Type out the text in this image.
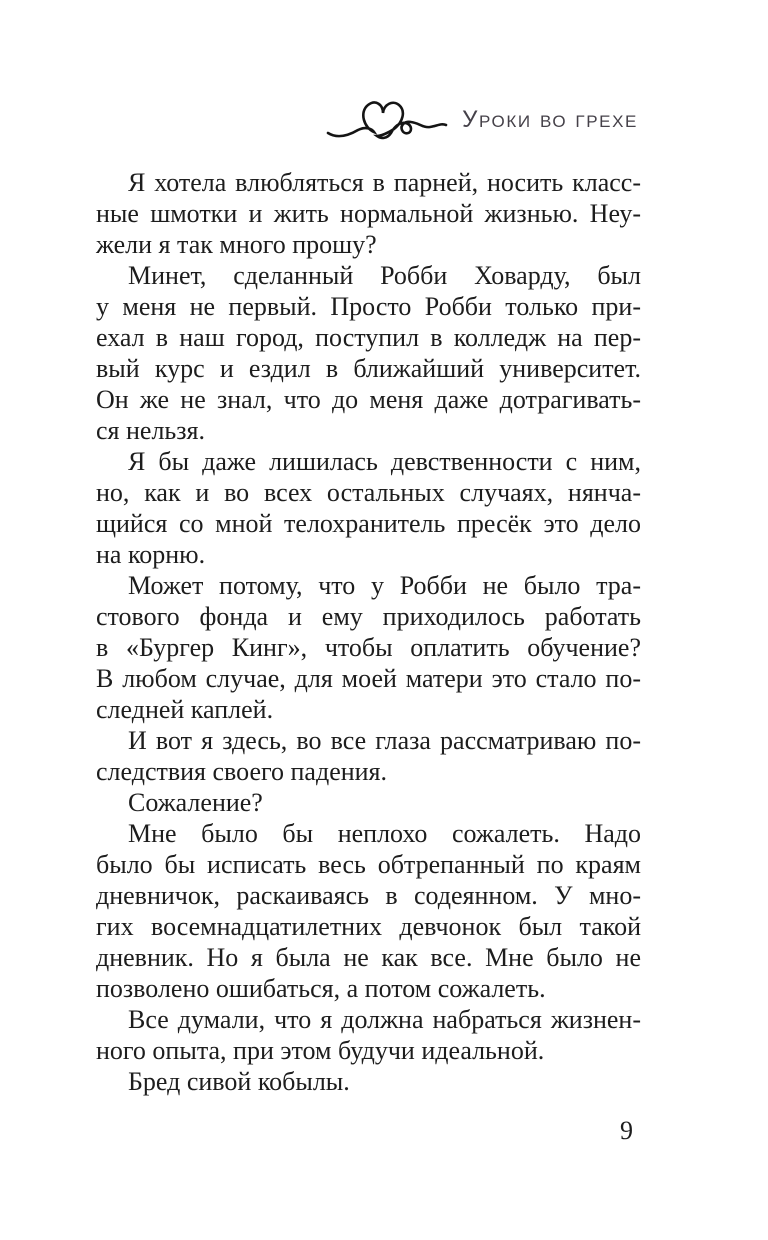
Уроки во грехе

Я хотела влюбляться в парней, носить класс-
ные шмотки и жить нормальной жизнью. Неу-
жели я так много прошу?

Минет, сделанный Робби Ховарду, был
у меня не первый. Просто Робби только при-
ехал в наш город, поступил в колледж на пер-
вый курс и ездил в ближайший университет.
Он же не знал, что до меня даже дотрагивать-
ся нельзя.

Я бы даже лишилась девственности с ним,
но, как и во всех остальных случаях, нянча-
щийся со мной телохранитель пресёк это дело
на корню.

Может потому, что у Робби не было тра-
стового фонда и ему приходилось работать
в «Бургер Кинг», чтобы оплатить обучение?
В любом случае, для моей матери это стало по-
следней каплей.

И вот я здесь, во все глаза рассматриваю по-
следствия своего падения.

Сожаление?

Мне было бы неплохо сожалеть. Надо
было бы исписать весь обтрепанный по краям
дневничок, раскаиваясь в содеянном. У мно-
гих восемнадцатилетних девчонок был такой
дневник. Но я была не как все. Мне было не
позволено ошибаться, а потом сожалеть.

Все думали, что я должна набраться жизнен-
ного опыта, при этом будучи идеальной.

Бред сивой кобылы.

9
